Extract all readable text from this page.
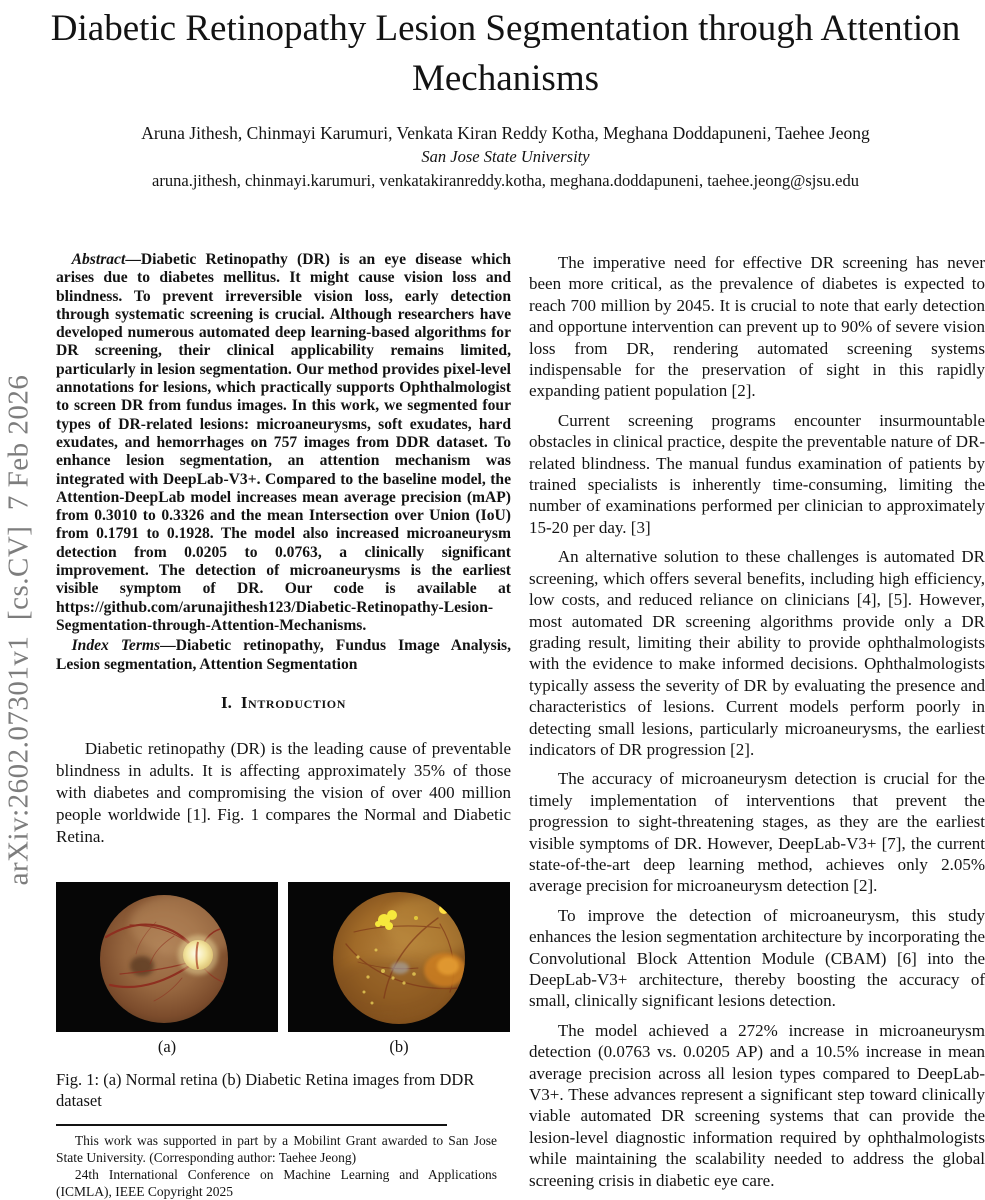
arXiv:2602.07301v1  [cs.CV]  7 Feb 2026
Diabetic Retinopathy Lesion Segmentation through Attention Mechanisms
Aruna Jithesh, Chinmayi Karumuri, Venkata Kiran Reddy Kotha, Meghana Doddapuneni, Taehee Jeong
San Jose State University
aruna.jithesh, chinmayi.karumuri, venkatakiranreddy.kotha, meghana.doddapuneni, taehee.jeong@sjsu.edu

Abstract—Diabetic Retinopathy (DR) is an eye disease which arises due to diabetes mellitus. It might cause vision loss and blindness. To prevent irreversible vision loss, early detection through systematic screening is crucial. Although researchers have developed numerous automated deep learning-based algorithms for DR screening, their clinical applicability remains limited, particularly in lesion segmentation. Our method provides pixel-level annotations for lesions, which practically supports Ophthalmologist to screen DR from fundus images. In this work, we segmented four types of DR-related lesions: microaneurysms, soft exudates, hard exudates, and hemorrhages on 757 images from DDR dataset. To enhance lesion segmentation, an attention mechanism was integrated with DeepLab-V3+. Compared to the baseline model, the Attention-DeepLab model increases mean average precision (mAP) from 0.3010 to 0.3326 and the mean Intersection over Union (IoU) from 0.1791 to 0.1928. The model also increased microaneurysm detection from 0.0205 to 0.0763, a clinically significant improvement. The detection of microaneurysms is the earliest visible symptom of DR. Our code is available at https://github.com/arunajithesh123/Diabetic-Retinopathy-Lesion-Segmentation-through-Attention-Mechanisms.

Index Terms—Diabetic retinopathy, Fundus Image Analysis, Lesion segmentation, Attention Segmentation

I. Introduction

Diabetic retinopathy (DR) is the leading cause of preventable blindness in adults. It is affecting approximately 35% of those with diabetes and compromising the vision of over 400 million people worldwide [1]. Fig. 1 compares the Normal and Diabetic Retina.

(a)	(b)

Fig. 1: (a) Normal retina (b) Diabetic Retina images from DDR dataset

This work was supported in part by a Mobilint Grant awarded to San Jose State University. (Corresponding author: Taehee Jeong)

24th International Conference on Machine Learning and Applications (ICMLA), IEEE Copyright 2025

The imperative need for effective DR screening has never been more critical, as the prevalence of diabetes is expected to reach 700 million by 2045. It is crucial to note that early detection and opportune intervention can prevent up to 90% of severe vision loss from DR, rendering automated screening systems indispensable for the preservation of sight in this rapidly expanding patient population [2].

Current screening programs encounter insurmountable obstacles in clinical practice, despite the preventable nature of DR-related blindness. The manual fundus examination of patients by trained specialists is inherently time-consuming, limiting the number of examinations performed per clinician to approximately 15-20 per day. [3]

An alternative solution to these challenges is automated DR screening, which offers several benefits, including high efficiency, low costs, and reduced reliance on clinicians [4], [5]. However, most automated DR screening algorithms provide only a DR grading result, limiting their ability to provide ophthalmologists with the evidence to make informed decisions. Ophthalmologists typically assess the severity of DR by evaluating the presence and characteristics of lesions. Current models perform poorly in detecting small lesions, particularly microaneurysms, the earliest indicators of DR progression [2].

The accuracy of microaneurysm detection is crucial for the timely implementation of interventions that prevent the progression to sight-threatening stages, as they are the earliest visible symptoms of DR. However, DeepLab-V3+ [7], the current state-of-the-art deep learning method, achieves only 2.05% average precision for microaneurysm detection [2].

To improve the detection of microaneurysm, this study enhances the lesion segmentation architecture by incorporating the Convolutional Block Attention Module (CBAM) [6] into the DeepLab-V3+ architecture, thereby boosting the accuracy of small, clinically significant lesions detection.

The model achieved a 272% increase in microaneurysm detection (0.0763 vs. 0.0205 AP) and a 10.5% increase in mean average precision across all lesion types compared to DeepLab-V3+. These advances represent a significant step toward clinically viable automated DR screening systems that can provide the lesion-level diagnostic information required by ophthalmologists while maintaining the scalability needed to address the global screening crisis in diabetic eye care.
